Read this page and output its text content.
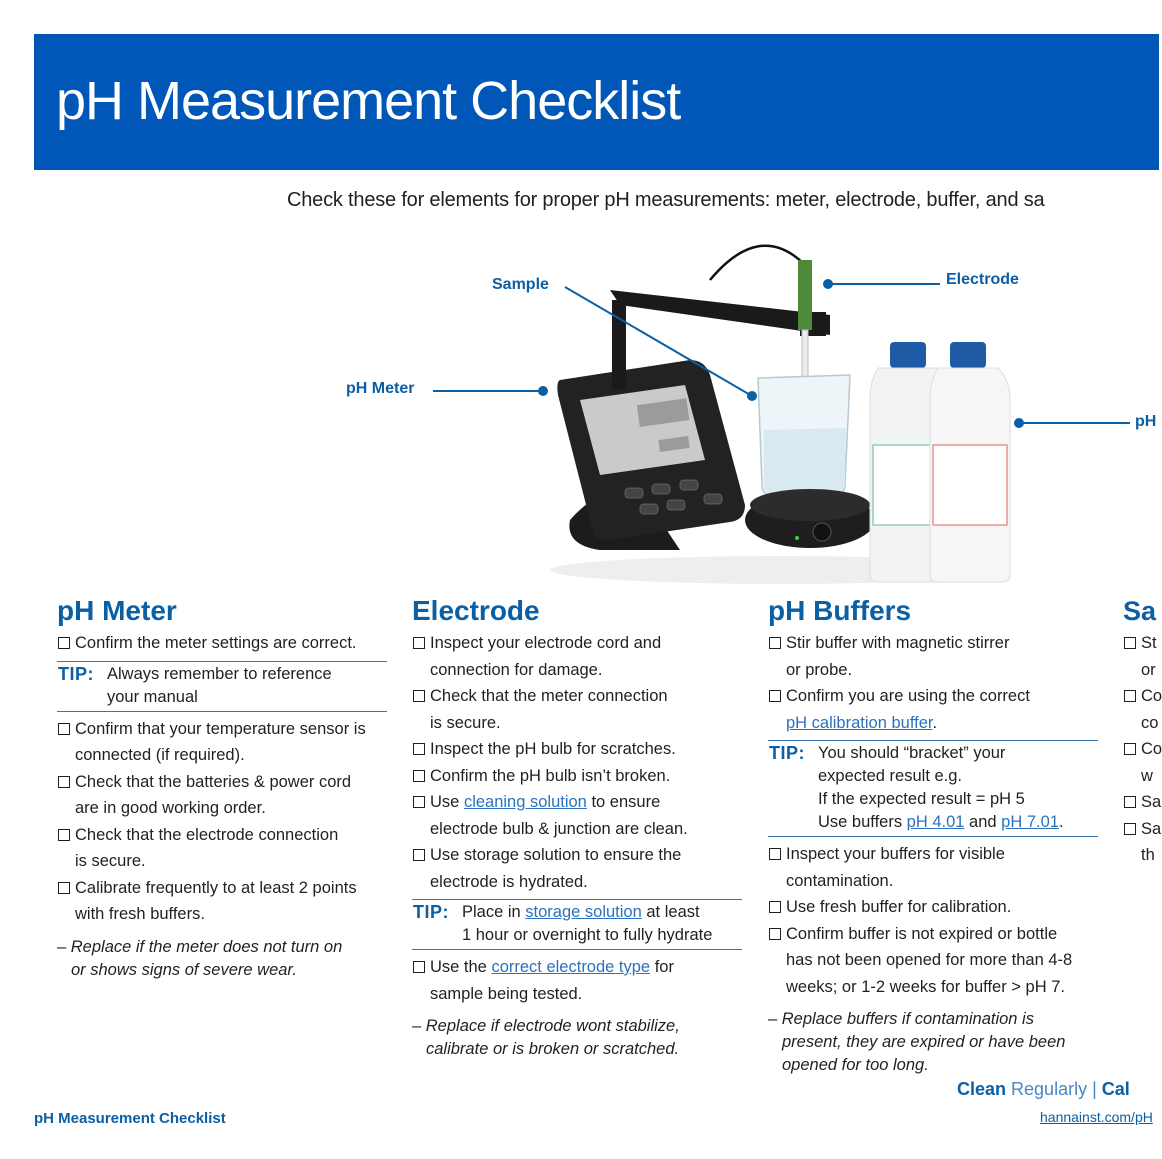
pH Measurement Checklist
Check these for elements for proper pH measurements: meter, electrode, buffer, and sa
Sample	Electrode
pH Meter
pH
pH Meter
Confirm the meter settings are correct.
TIP: Always remember to reference
your manual
Confirm that your temperature sensor is
connected (if required).
Check that the batteries & power cord
are in good working order.
Check that the electrode connection
is secure.
Calibrate frequently to at least 2 points
with fresh buffers.
– Replace if the meter does not turn on
or shows signs of severe wear.
Electrode
Inspect your electrode cord and
connection for damage.
Check that the meter connection
is secure.
Inspect the pH bulb for scratches.
Confirm the pH bulb isn’t broken.
Use cleaning solution to ensure
electrode bulb & junction are clean.
Use storage solution to ensure the
electrode is hydrated.
TIP: Place in storage solution at least
1 hour or overnight to fully hydrate
Use the correct electrode type for
sample being tested.
– Replace if electrode wont stabilize,
calibrate or is broken or scratched.
pH Buffers
Stir buffer with magnetic stirrer
or probe.
Confirm you are using the correct
pH calibration buffer.
TIP: You should “bracket” your
expected result e.g.
If the expected result = pH 5
Use buffers pH 4.01 and pH 7.01.
Inspect your buffers for visible
contamination.
Use fresh buffer for calibration.
Confirm buffer is not expired or bottle
has not been opened for more than 4-8
weeks; or 1-2 weeks for buffer > pH 7.
– Replace buffers if contamination is
present, they are expired or have been
opened for too long.
Sa
St
or
Co
co
Co
w
Sa
Sa
th
Clean Regularly | Cal
hannainst.com/pH
pH Measurement Checklist
